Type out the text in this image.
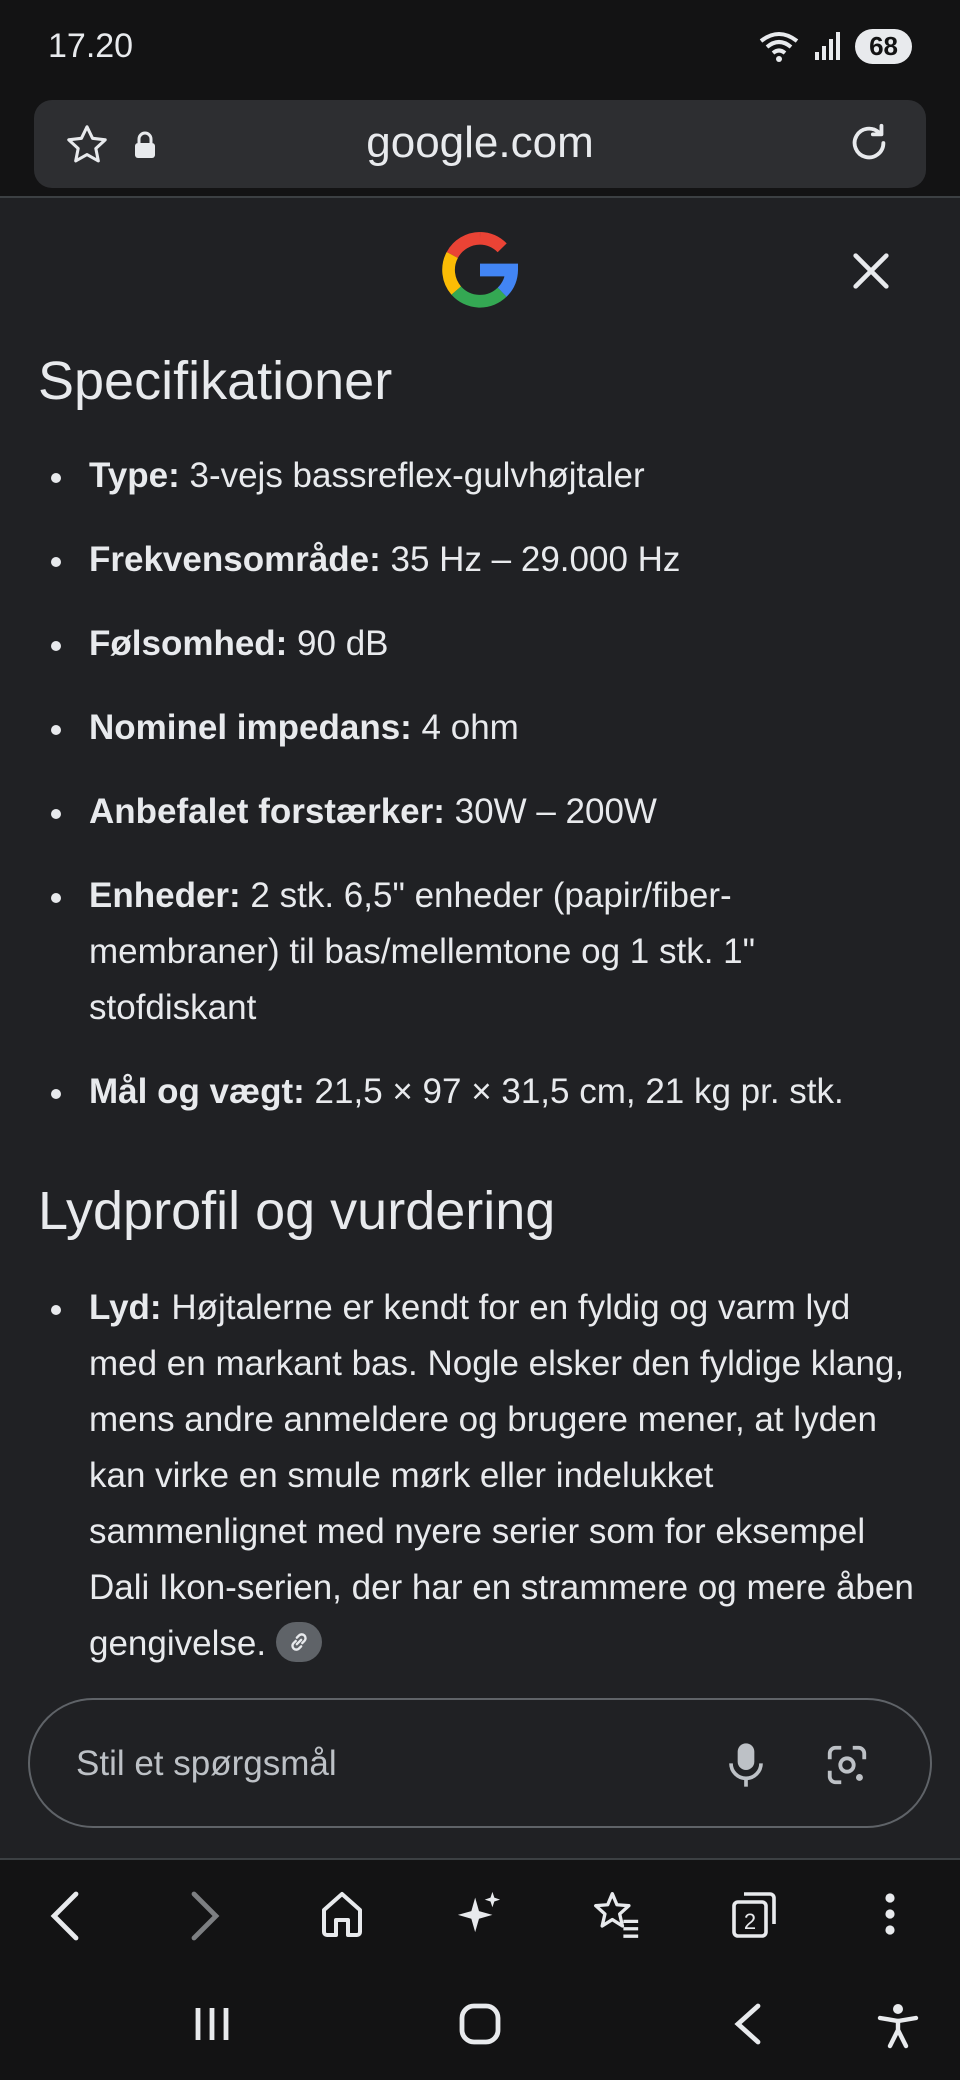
17.20	68
google.com
Specifikationer
Type: 3-vejs bassreflex-gulvhøjtaler
Frekvensområde: 35 Hz – 29.000 Hz
Følsomhed: 90 dB
Nominel impedans: 4 ohm
Anbefalet forstærker: 30W – 200W
Enheder: 2 stk. 6,5" enheder (papir/fiber-membraner) til bas/mellemtone og 1 stk. 1" stofdiskant
Mål og vægt: 21,5 × 97 × 31,5 cm, 21 kg pr. stk.
Lydprofil og vurdering
Lyd: Højtalerne er kendt for en fyldig og varm lyd med en markant bas. Nogle elsker den fyldige klang, mens andre anmeldere og brugere mener, at lyden kan virke en smule mørk eller indelukket sammenlignet med nyere serier som for eksempel Dali Ikon-serien, der har en strammere og mere åben gengivelse.
Stil et spørgsmål
2
